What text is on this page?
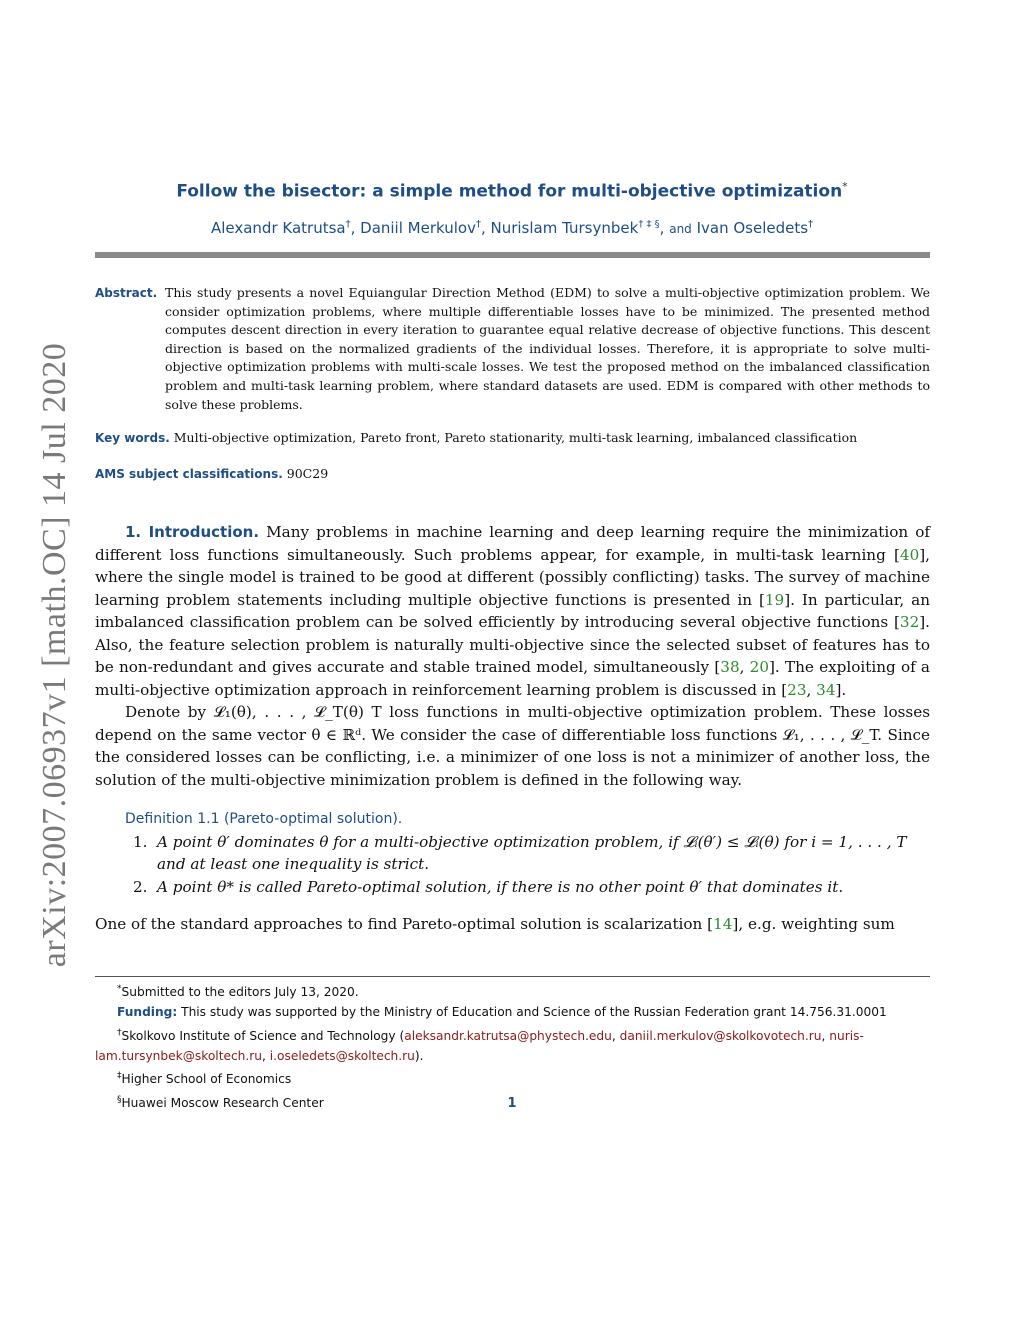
arXiv:2007.06937v1 [math.OC] 14 Jul 2020
Follow the bisector: a simple method for multi-objective optimization*
Alexandr Katrutsa†, Daniil Merkulov†, Nurislam Tursynbek† ‡ §, and Ivan Oseledets†
Abstract. This study presents a novel Equiangular Direction Method (EDM) to solve a multi-objective optimization problem. We consider optimization problems, where multiple differentiable losses have to be minimized. The presented method computes descent direction in every iteration to guarantee equal relative decrease of objective functions. This descent direction is based on the normalized gradients of the individual losses. Therefore, it is appropriate to solve multi-objective optimization problems with multi-scale losses. We test the proposed method on the imbalanced classification problem and multi-task learning problem, where standard datasets are used. EDM is compared with other methods to solve these problems.
Key words. Multi-objective optimization, Pareto front, Pareto stationarity, multi-task learning, imbalanced classification
AMS subject classifications. 90C29

1. Introduction. Many problems in machine learning and deep learning require the minimization of different loss functions simultaneously. Such problems appear, for example, in multi-task learning [40], where the single model is trained to be good at different (possibly conflicting) tasks. The survey of machine learning problem statements including multiple objective functions is presented in [19]. In particular, an imbalanced classification problem can be solved efficiently by introducing several objective functions [32]. Also, the feature selection problem is naturally multi-objective since the selected subset of features has to be non-redundant and gives accurate and stable trained model, simultaneously [38, 20]. The exploiting of a multi-objective optimization approach in reinforcement learning problem is discussed in [23, 34].

Denote by 𝓛₁(θ), . . . , 𝓛_T(θ) T loss functions in multi-objective optimization problem. These losses depend on the same vector θ ∈ ℝᵈ. We consider the case of differentiable loss functions 𝓛₁, . . . , 𝓛_T. Since the considered losses can be conflicting, i.e. a minimizer of one loss is not a minimizer of another loss, the solution of the multi-objective minimization problem is defined in the following way.

Definition 1.1 (Pareto-optimal solution).
1. A point θ′ dominates θ for a multi-objective optimization problem, if 𝓛ᵢ(θ′) ≤ 𝓛ᵢ(θ) for i = 1, . . . , T and at least one inequality is strict.
2. A point θ* is called Pareto-optimal solution, if there is no other point θ′ that dominates it.
One of the standard approaches to find Pareto-optimal solution is scalarization [14], e.g. weighting sum
*Submitted to the editors July 13, 2020.
Funding: This study was supported by the Ministry of Education and Science of the Russian Federation grant 14.756.31.0001
†Skolkovo Institute of Science and Technology (aleksandr.katrutsa@phystech.edu, daniil.merkulov@skolkovotech.ru, nuris-
lam.tursynbek@skoltech.ru, i.oseledets@skoltech.ru).
‡Higher School of Economics
§Huawei Moscow Research Center	1
